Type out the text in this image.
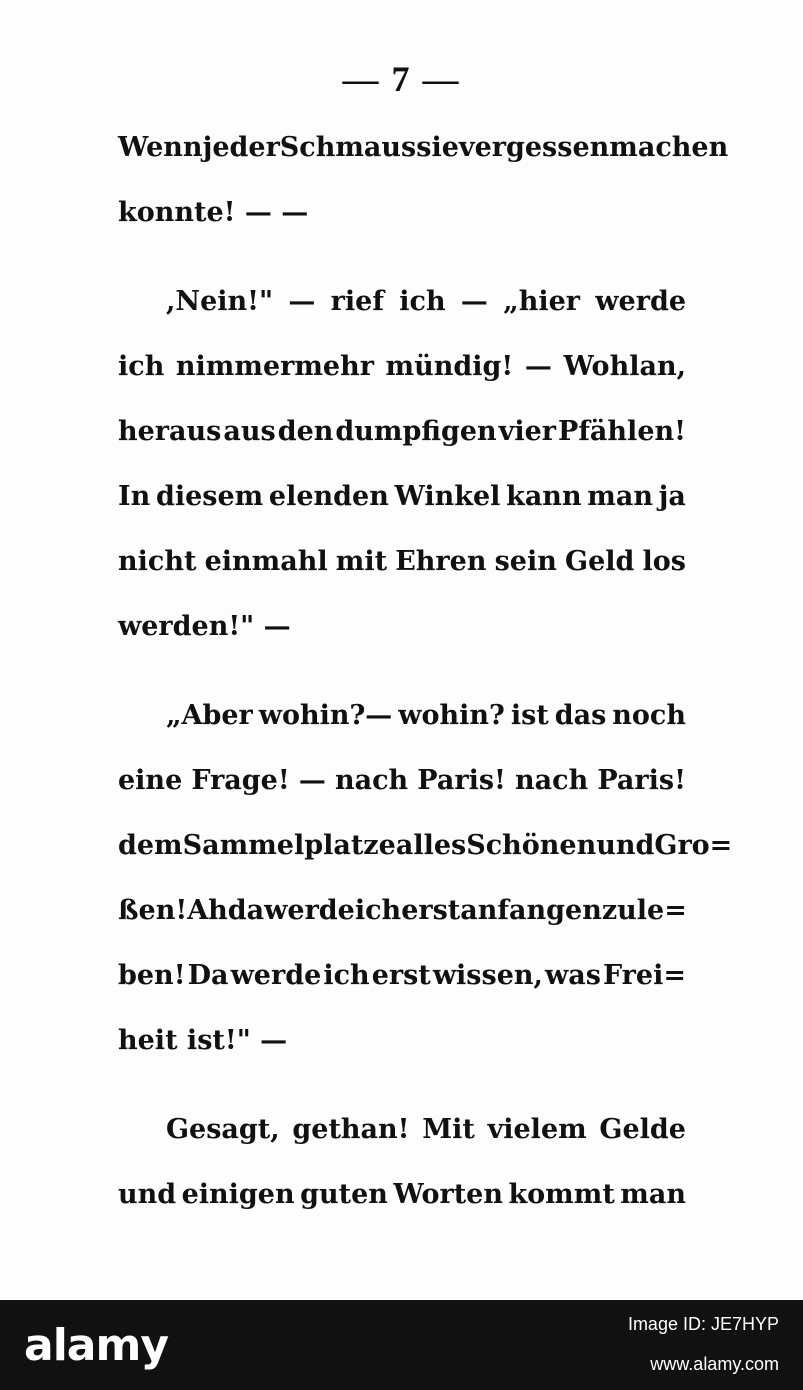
— 7 —
Wenn jeder Schmaus sie vergessen machen
konnte! — —
,Nein!" — rief ich — „hier werde
ich nimmermehr mündig! — Wohlan,
heraus aus den dumpfigen vier Pfählen!
In diesem elenden Winkel kann man ja
nicht einmahl mit Ehren sein Geld los
werden!" —
„Aber wohin?— wohin? ist das noch
eine Frage! — nach Paris! nach Paris!
dem Sammelplatze alles Schönen und Gro=
ßen! Ah da werde ich erst anfangen zu le=
ben! Da werde ich erst wissen, was Frei=
heit ist!" —
Gesagt, gethan! Mit vielem Gelde
und einigen guten Worten kommt man
alamy	Image ID: JE7HYP
www.alamy.com
